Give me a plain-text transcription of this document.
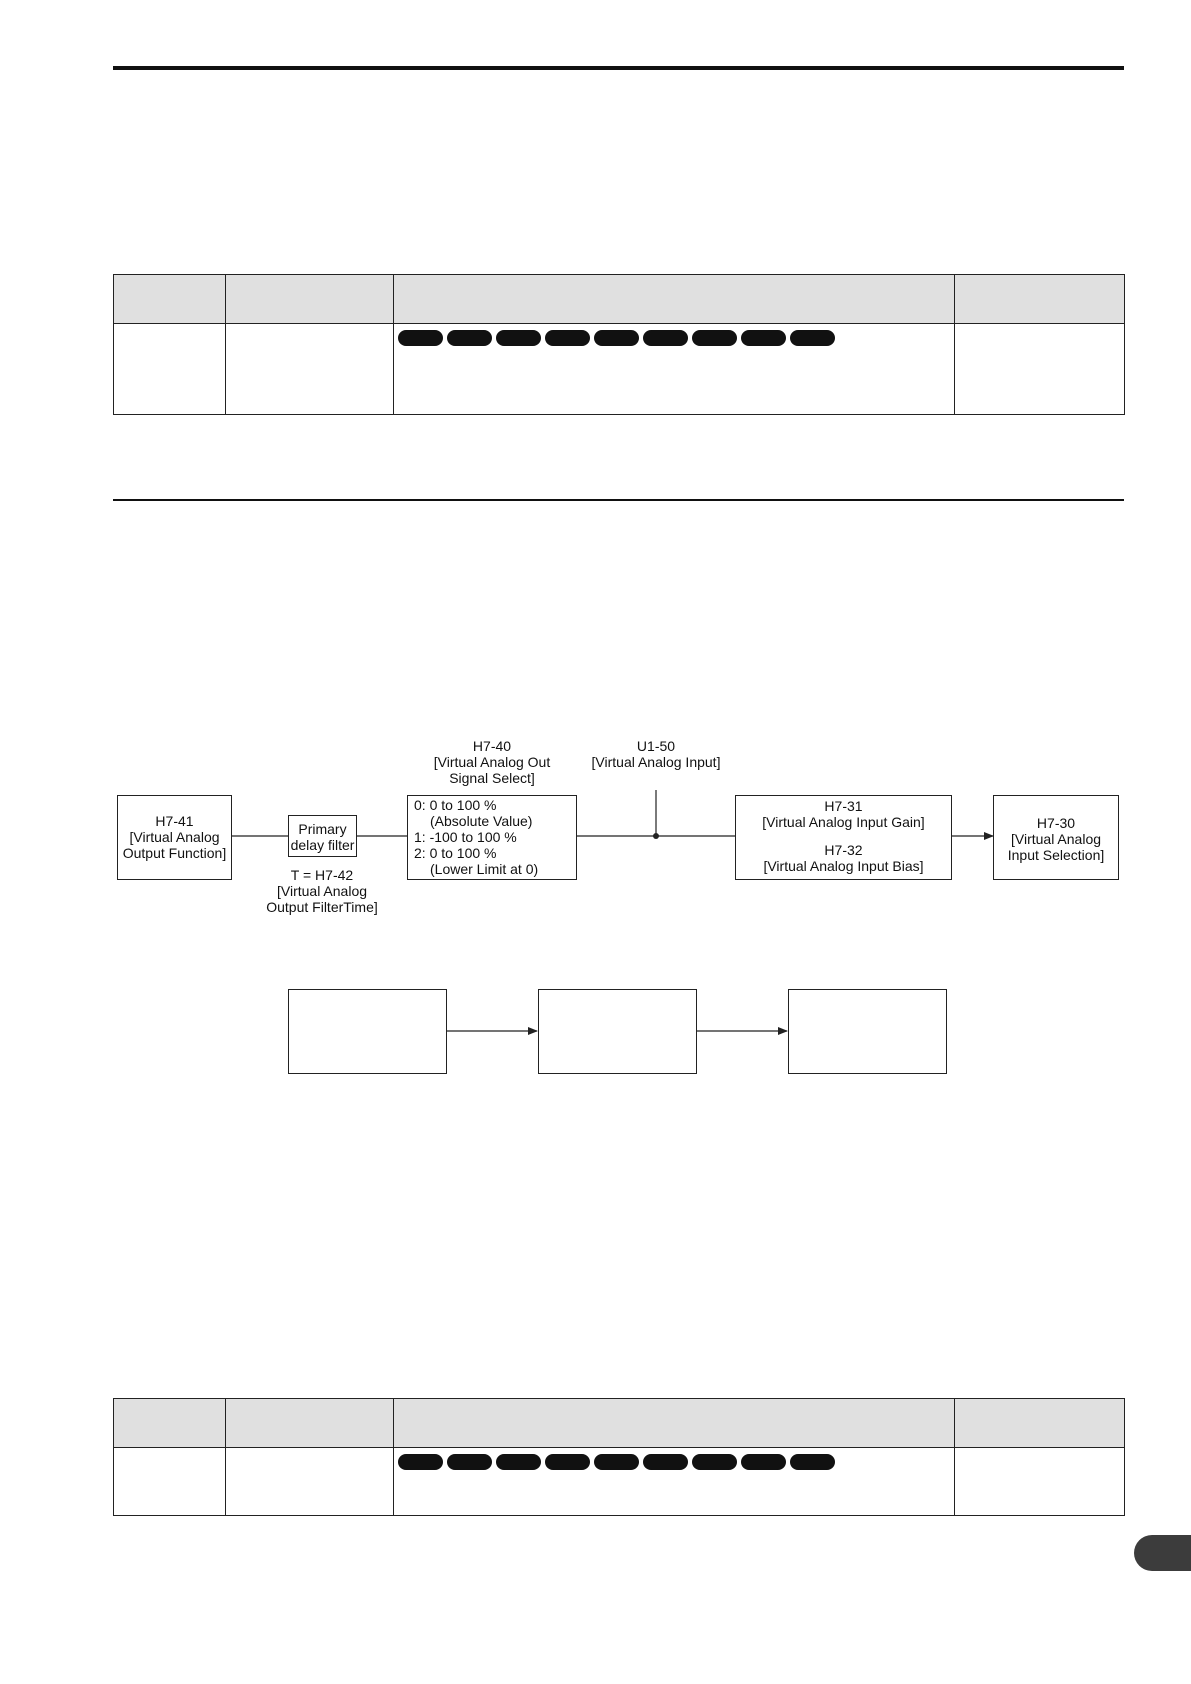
H7-41
[Virtual Analog
Output Function]
Primary
delay filter
T = H7-42
[Virtual Analog
Output FilterTime]
H7-40
[Virtual Analog Out
Signal Select]
0: 0 to 100 %
(Absolute Value)
1: -100 to 100 %
2: 0 to 100 %
(Lower Limit at 0)
U1-50
[Virtual Analog Input]
H7-31
[Virtual Analog Input Gain]
H7-32
[Virtual Analog Input Bias]
H7-30
[Virtual Analog
Input Selection]
